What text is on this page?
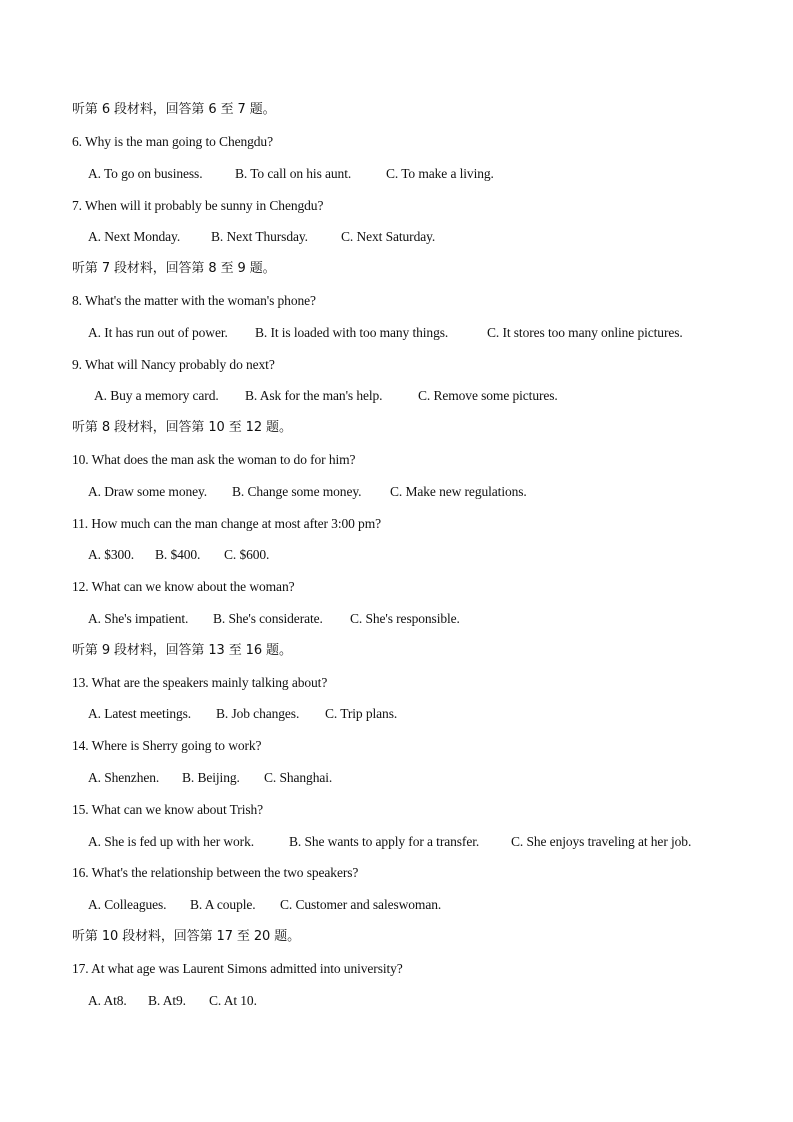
听第 6 段材料，回答第 6 至 7 题。
6. Why is the man going to Chengdu?
A. To go on business. B. To call on his aunt.	C. To make a living.
7. When will it probably be sunny in Chengdu?
A. Next Monday. B. Next Thursday. C. Next Saturday.
听第 7 段材料，回答第 8 至 9 题。
8. What's the matter with the woman's phone?
A. It has run out of power. B. It is loaded with too many things.	C. It stores too many online pictures.
9. What will Nancy probably do next?
A. Buy a memory card. B. Ask for the man's help.	C. Remove some pictures.
听第 8 段材料，回答第 10 至 12 题。
10. What does the man ask the woman to do for him?
A. Draw some money. B. Change some money. C. Make new regulations.
11. How much can the man change at most after 3:00 pm?
A. $300. B. $400. C. $600.
12. What can we know about the woman?
A. She's impatient. B. She's considerate. C. She's responsible.
听第 9 段材料，回答第 13 至 16 题。
13. What are the speakers mainly talking about?
A. Latest meetings. B. Job changes. C. Trip plans.
14. Where is Sherry going to work?
A. Shenzhen. B. Beijing. C. Shanghai.
15. What can we know about Trish?
A. She is fed up with her work.	B. She wants to apply for a transfer. C. She enjoys traveling at her job.
16. What's the relationship between the two speakers?
A. Colleagues. B. A couple. C. Customer and saleswoman.
听第 10 段材料，回答第 17 至 20 题。
17. At what age was Laurent Simons admitted into university?
A. At8. B. At9. C. At 10.
